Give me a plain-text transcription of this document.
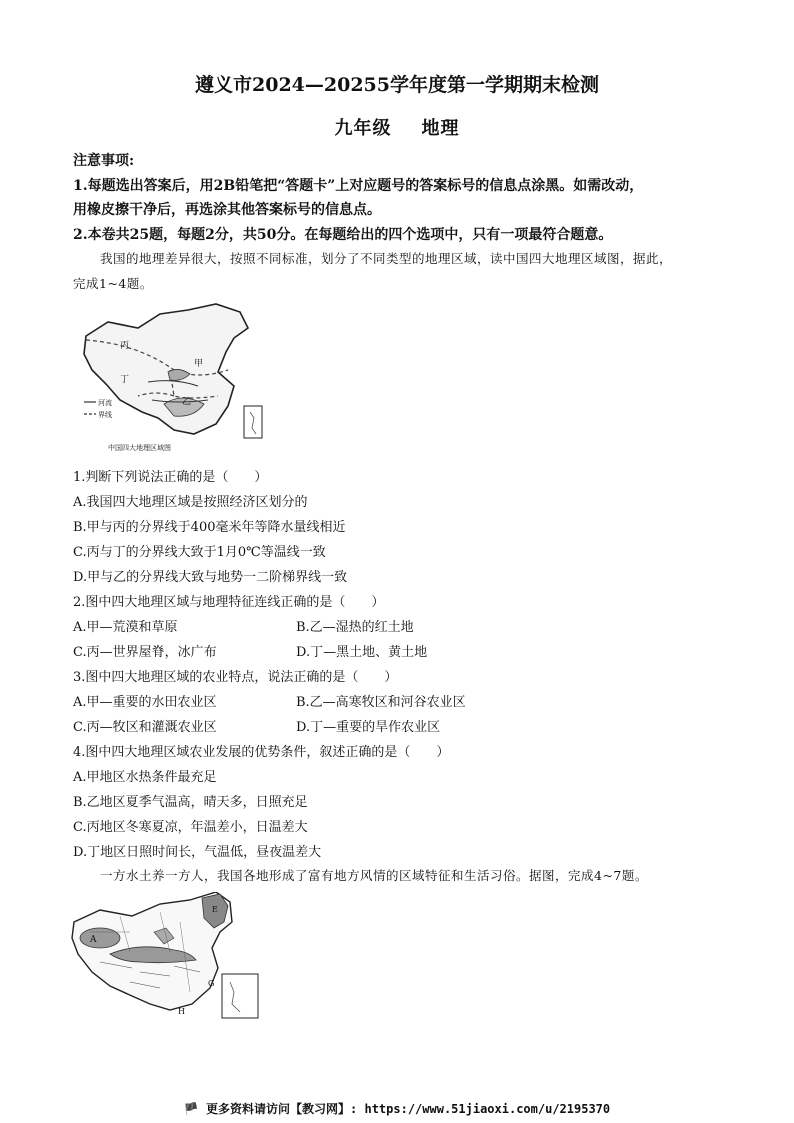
遵义市2024—20255学年度第一学期期末检测
九年级 地理
注意事项:
1.每题选出答案后，用2B铅笔把“答题卡”上对应题号的答案标号的信息点涂黑。如需改动，
用橡皮擦干净后，再选涂其他答案标号的信息点。
2.本卷共25题，每题2分，共50分。在每题给出的四个选项中，只有一项最符合题意。
我国的地理差异很大，按照不同标准，划分了不同类型的地理区域，读中国四大地理区域图，据此，
完成1~4题。
丙
甲
丁
乙
河流
界线
中国四大地理区域图
1.判断下列说法正确的是（　　）
A.我国四大地理区域是按照经济区划分的
B.甲与丙的分界线于400毫米年等降水量线相近
C.丙与丁的分界线大致于1月0℃等温线一致
D.甲与乙的分界线大致与地势一二阶梯界线一致
2.图中四大地理区域与地理特征连线正确的是（　　）
A.甲—荒漠和草原	B.乙—湿热的红土地
C.丙—世界屋脊，冰广布	D.丁—黑土地、黄土地
3.图中四大地理区域的农业特点，说法正确的是（　　）
A.甲—重要的水田农业区	B.乙—高寒牧区和河谷农业区
C.丙—牧区和灌溉农业区	D.丁—重要的旱作农业区
4.图中四大地理区域农业发展的优势条件，叙述正确的是（　　）
A.甲地区水热条件最充足
B.乙地区夏季气温高，晴天多，日照充足
C.丙地区冬寒夏凉，年温差小，日温差大
D.丁地区日照时间长，气温低，昼夜温差大
一方水土养一方人，我国各地形成了富有地方风情的区域特征和生活习俗。据图，完成4~7题。
A
E
G
H
🏴 更多资料请访问【教习网】: https://www.51jiaoxi.com/u/2195370
